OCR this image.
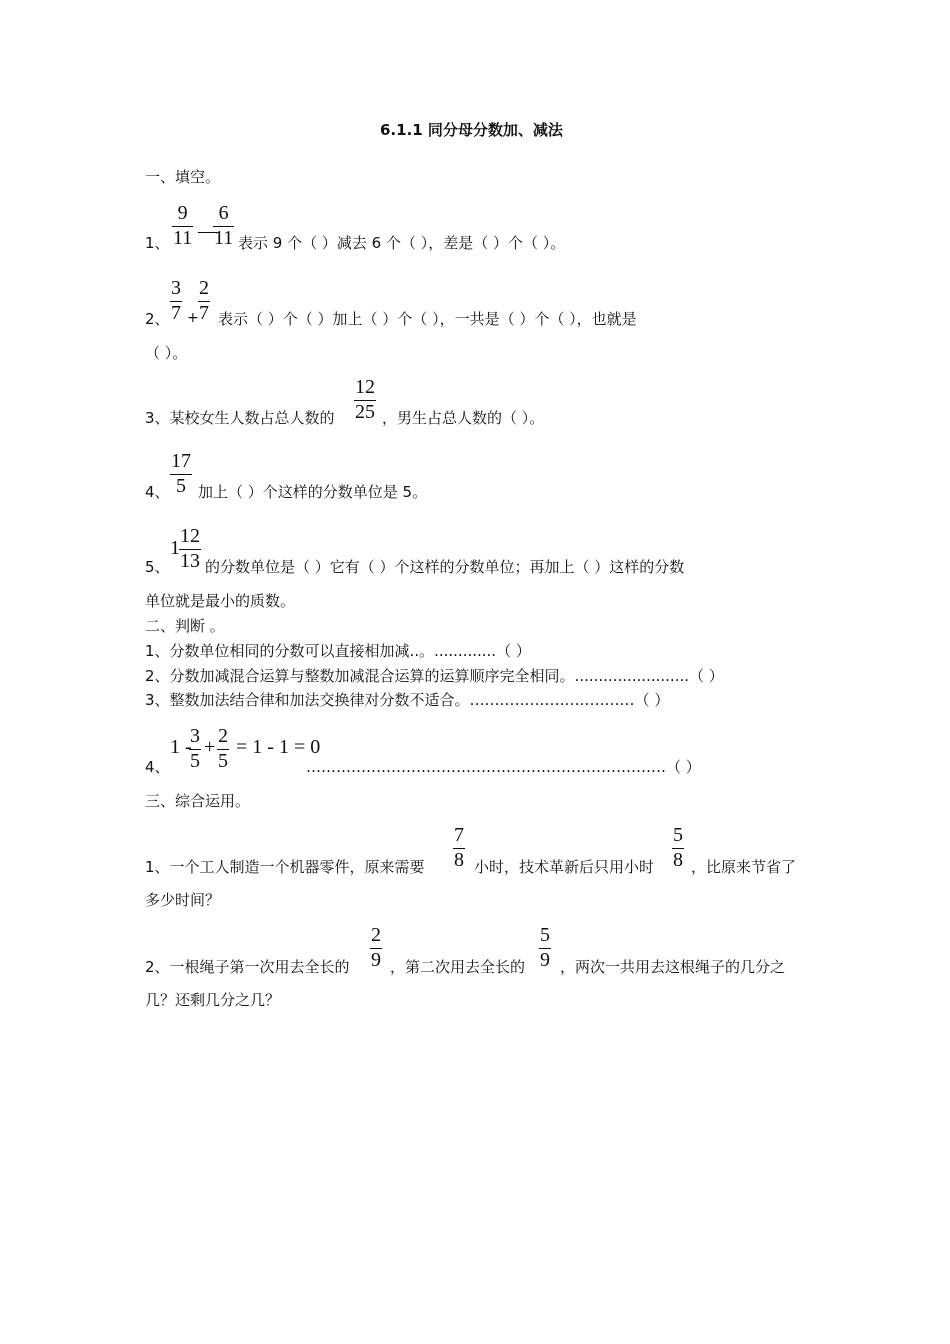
6.1.1 同分母分数加、减法
一、填空。
1、
9
11 —
6
11 表示 9 个（ ）减去 6 个（ ），差是（ ）个（ ）。
2、
3
7 +
2
7 表示（ ）个（ ）加上（ ）个（ ），一共是（ ）个（ ），也就是
（ ）。
3、某校女生人数占总人数的
12
25 ，男生占总人数的（ ）。
4、
17
5 加上（ ）个这样的分数单位是 5。
5、
1
12
13 的分数单位是（ ）它有（ ）个这样的分数单位；再加上（ ）这样的分数
单位就是最小的质数。
二、判断 。
1、分数单位相同的分数可以直接相加减..。.............（ ）
2、分数加减混合运算与整数加减混合运算的运算顺序完全相同。........................（ ）
3、整数加法结合律和加法交换律对分数不适合。……………………………（ ）
4、
1 -
3
5
+ 2
5
= 1 - 1 = 0
………………………………………………………………（ ）
三、综合运用。
1、一个工人制造一个机器零件，原来需要
7
8 小时，技术革新后只用小时
5
8 ，比原来节省了
多少时间？
2、一根绳子第一次用去全长的
2
9 ，第二次用去全长的
5
9 ，两次一共用去这根绳子的几分之
几？还剩几分之几？
